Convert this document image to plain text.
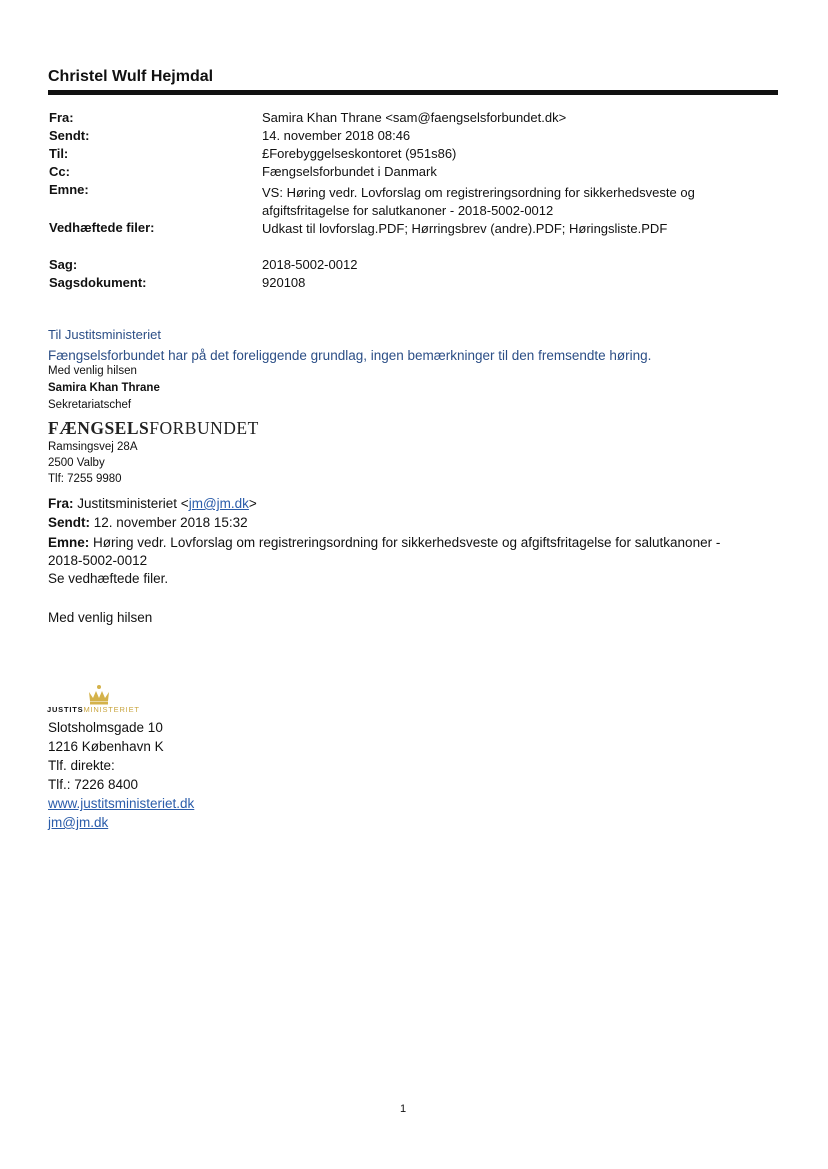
Christel Wulf Hejmdal
Fra:	Samira Khan Thrane <sam@faengselsforbundet.dk>
Sendt:	14. november 2018 08:46
Til:	£Forebyggelseskontoret (951s86)
Cc:	Fængselsforbundet i Danmark
Emne:	VS: Høring vedr. Lovforslag om registreringsordning for sikkerhedsveste og
afgiftsfritagelse for salutkanoner - 2018-5002-0012
Vedhæftede filer:	Udkast til lovforslag.PDF; Hørringsbrev (andre).PDF; Høringsliste.PDF
Sag:	2018-5002-0012
Sagsdokument:	920108
Til Justitsministeriet
Fængselsforbundet har på det foreliggende grundlag, ingen bemærkninger til den fremsendte høring.
Med venlig hilsen
Samira Khan Thrane
Sekretariatschef
FÆNGSELSFORBUNDET
Ramsingsvej 28A
2500 Valby
Tlf: 7255 9980
Fra: Justitsministeriet <jm@jm.dk>
Sendt: 12. november 2018 15:32
Emne: Høring vedr. Lovforslag om registreringsordning for sikkerhedsveste og afgiftsfritagelse for salutkanoner -
2018-5002-0012
Se vedhæftede filer.
Med venlig hilsen
JUSTITSMINISTERIET
Slotsholmsgade 10
1216 København K
Tlf. direkte:
Tlf.: 7226 8400
www.justitsministeriet.dk
jm@jm.dk
1
